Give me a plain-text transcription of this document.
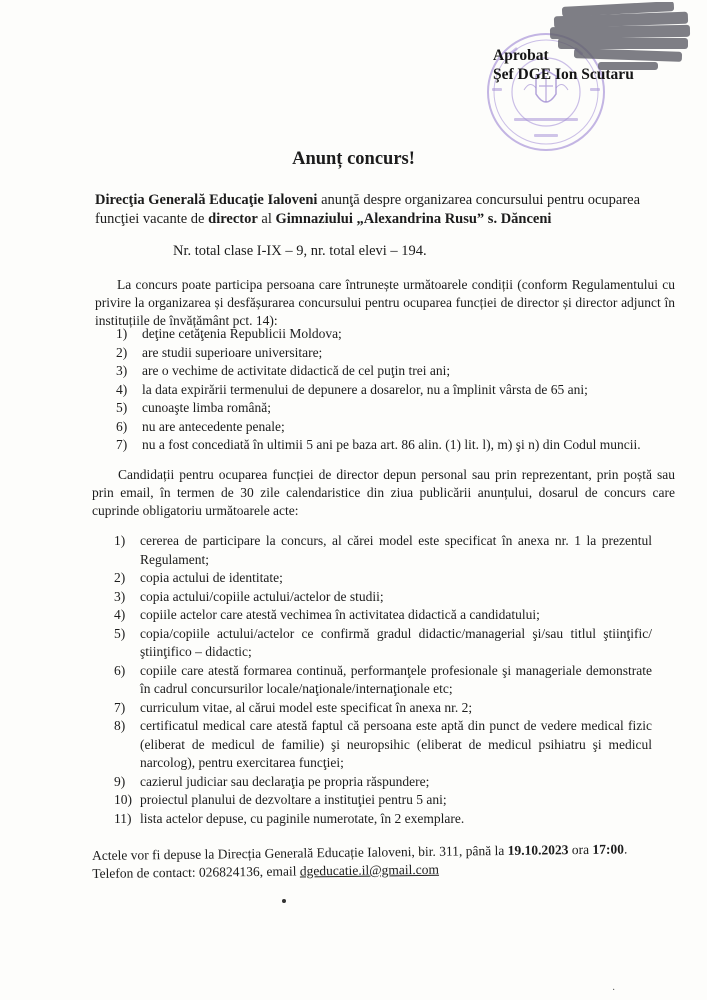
Aprobat
Şef DGE Ion Scutaru
Anunț concurs!
Direcţia Generală Educaţie Ialoveni anunţă despre organizarea concursului pentru ocuparea funcţiei vacante de director al Gimnaziului „Alexandrina Rusu” s. Dănceni
Nr. total clase I-IX – 9, nr. total elevi – 194.
La concurs poate participa persoana care întrunește următoarele condiții (conform Regulamentului cu privire la organizarea și desfășurarea concursului pentru ocuparea funcției de director și director adjunct în instituțiile de învățământ pct. 14):
1) deţine cetăţenia Republicii Moldova;
2) are studii superioare universitare;
3) are o vechime de activitate didactică de cel puţin trei ani;
4) la data expirării termenului de depunere a dosarelor, nu a împlinit vârsta de 65 ani;
5) cunoaşte limba română;
6) nu are antecedente penale;
7) nu a fost concediată în ultimii 5 ani pe baza art. 86 alin. (1) lit. l), m) şi n) din Codul muncii.
Candidații pentru ocuparea funcției de director depun personal sau prin reprezentant, prin poștă sau prin email, în termen de 30 zile calendaristice din ziua publicării anunțului, dosarul de concurs care cuprinde obligatoriu următoarele acte:
1) cererea de participare la concurs, al cărei model este specificat în anexa nr. 1 la prezentul Regulament;
2) copia actului de identitate;
3) copia actului/copiile actului/actelor de studii;
4) copiile actelor care atestă vechimea în activitatea didactică a candidatului;
5) copia/copiile actului/actelor ce confirmă gradul didactic/managerial şi/sau titlul ştiinţific/ştiinţifico – didactic;
6) copiile care atestă formarea continuă, performanţele profesionale şi manageriale demonstrate în cadrul concursurilor locale/naţionale/internaţionale etc;
7) curriculum vitae, al cărui model este specificat în anexa nr. 2;
8) certificatul medical care atestă faptul că persoana este aptă din punct de vedere medical fizic (eliberat de medicul de familie) şi neuropsihic (eliberat de medicul psihiatru şi medicul narcolog), pentru exercitarea funcţiei;
9) cazierul judiciar sau declaraţia pe propria răspundere;
10) proiectul planului de dezvoltare a instituţiei pentru 5 ani;
11) lista actelor depuse, cu paginile numerotate, în 2 exemplare.
Actele vor fi depuse la Direcția Generală Educație Ialoveni, bir. 311, până la 19.10.2023 ora 17:00.
Telefon de contact: 026824136, email dgeducatie.il@gmail.com
·
